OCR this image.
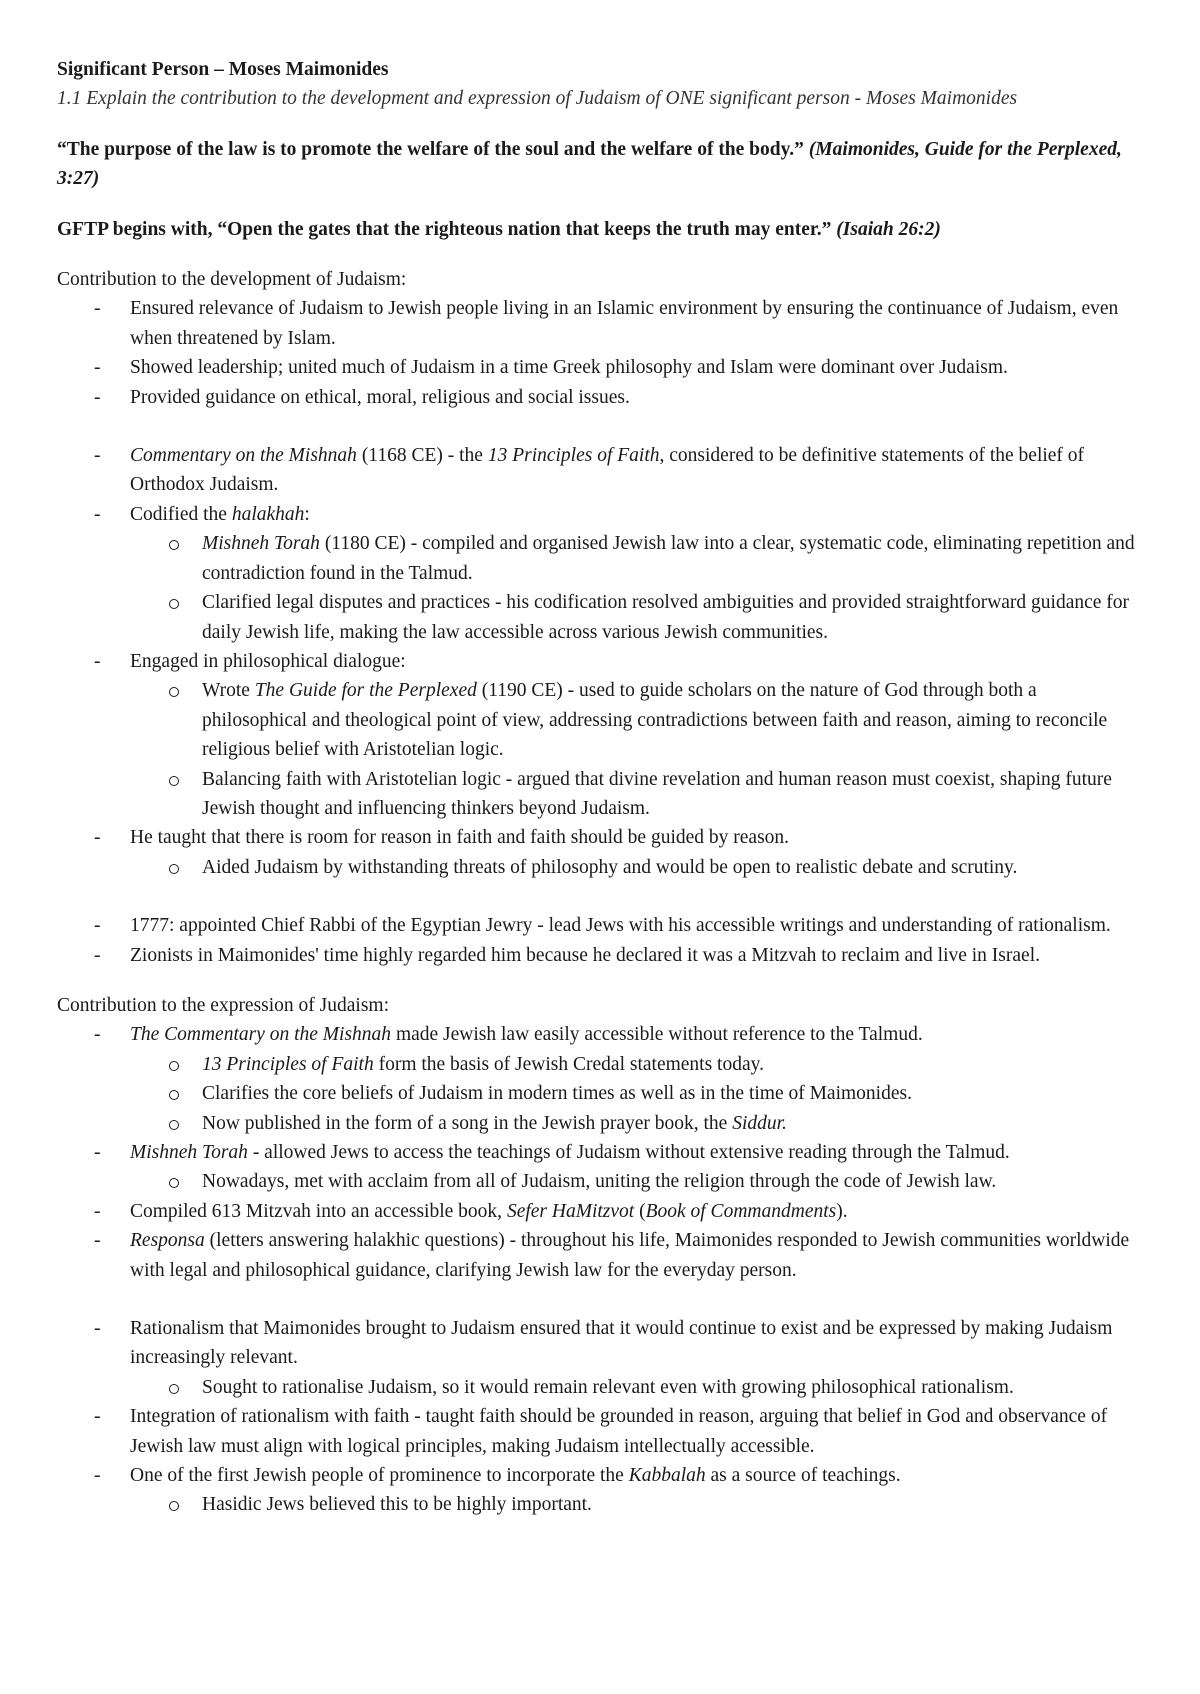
Significant Person – Moses Maimonides

1.1 Explain the contribution to the development and expression of Judaism of ONE significant person - Moses Maimonides

“The purpose of the law is to promote the welfare of the soul and the welfare of the body.” (Maimonides, Guide for the Perplexed, 3:27)

GFTP begins with, “Open the gates that the righteous nation that keeps the truth may enter.” (Isaiah 26:2)

Contribution to the development of Judaism:

- Ensured relevance of Judaism to Jewish people living in an Islamic environment by ensuring the continuance of Judaism, even when threatened by Islam.
- Showed leadership; united much of Judaism in a time Greek philosophy and Islam were dominant over Judaism.
- Provided guidance on ethical, moral, religious and social issues.
- Commentary on the Mishnah (1168 CE) - the 13 Principles of Faith, considered to be definitive statements of the belief of Orthodox Judaism.
- Codified the halakhah:
Mishneh Torah (1180 CE) - compiled and organised Jewish law into a clear, systematic code, eliminating repetition and contradiction found in the Talmud.
Clarified legal disputes and practices - his codification resolved ambiguities and provided straightforward guidance for daily Jewish life, making the law accessible across various Jewish communities.
- Engaged in philosophical dialogue:
Wrote The Guide for the Perplexed (1190 CE) - used to guide scholars on the nature of God through both a philosophical and theological point of view, addressing contradictions between faith and reason, aiming to reconcile religious belief with Aristotelian logic.
Balancing faith with Aristotelian logic - argued that divine revelation and human reason must coexist, shaping future Jewish thought and influencing thinkers beyond Judaism.
- He taught that there is room for reason in faith and faith should be guided by reason.
Aided Judaism by withstanding threats of philosophy and would be open to realistic debate and scrutiny.
- 1777: appointed Chief Rabbi of the Egyptian Jewry - lead Jews with his accessible writings and understanding of rationalism.
- Zionists in Maimonides' time highly regarded him because he declared it was a Mitzvah to reclaim and live in Israel.

Contribution to the expression of Judaism:

- The Commentary on the Mishnah made Jewish law easily accessible without reference to the Talmud.
13 Principles of Faith form the basis of Jewish Credal statements today.
Clarifies the core beliefs of Judaism in modern times as well as in the time of Maimonides.
Now published in the form of a song in the Jewish prayer book, the Siddur.
- Mishneh Torah - allowed Jews to access the teachings of Judaism without extensive reading through the Talmud.
Nowadays, met with acclaim from all of Judaism, uniting the religion through the code of Jewish law.
- Compiled 613 Mitzvah into an accessible book, Sefer HaMitzvot (Book of Commandments).
- Responsa (letters answering halakhic questions) - throughout his life, Maimonides responded to Jewish communities worldwide with legal and philosophical guidance, clarifying Jewish law for the everyday person.
- Rationalism that Maimonides brought to Judaism ensured that it would continue to exist and be expressed by making Judaism increasingly relevant.
Sought to rationalise Judaism, so it would remain relevant even with growing philosophical rationalism.
- Integration of rationalism with faith - taught faith should be grounded in reason, arguing that belief in God and observance of Jewish law must align with logical principles, making Judaism intellectually accessible.
- One of the first Jewish people of prominence to incorporate the Kabbalah as a source of teachings.
Hasidic Jews believed this to be highly important.
